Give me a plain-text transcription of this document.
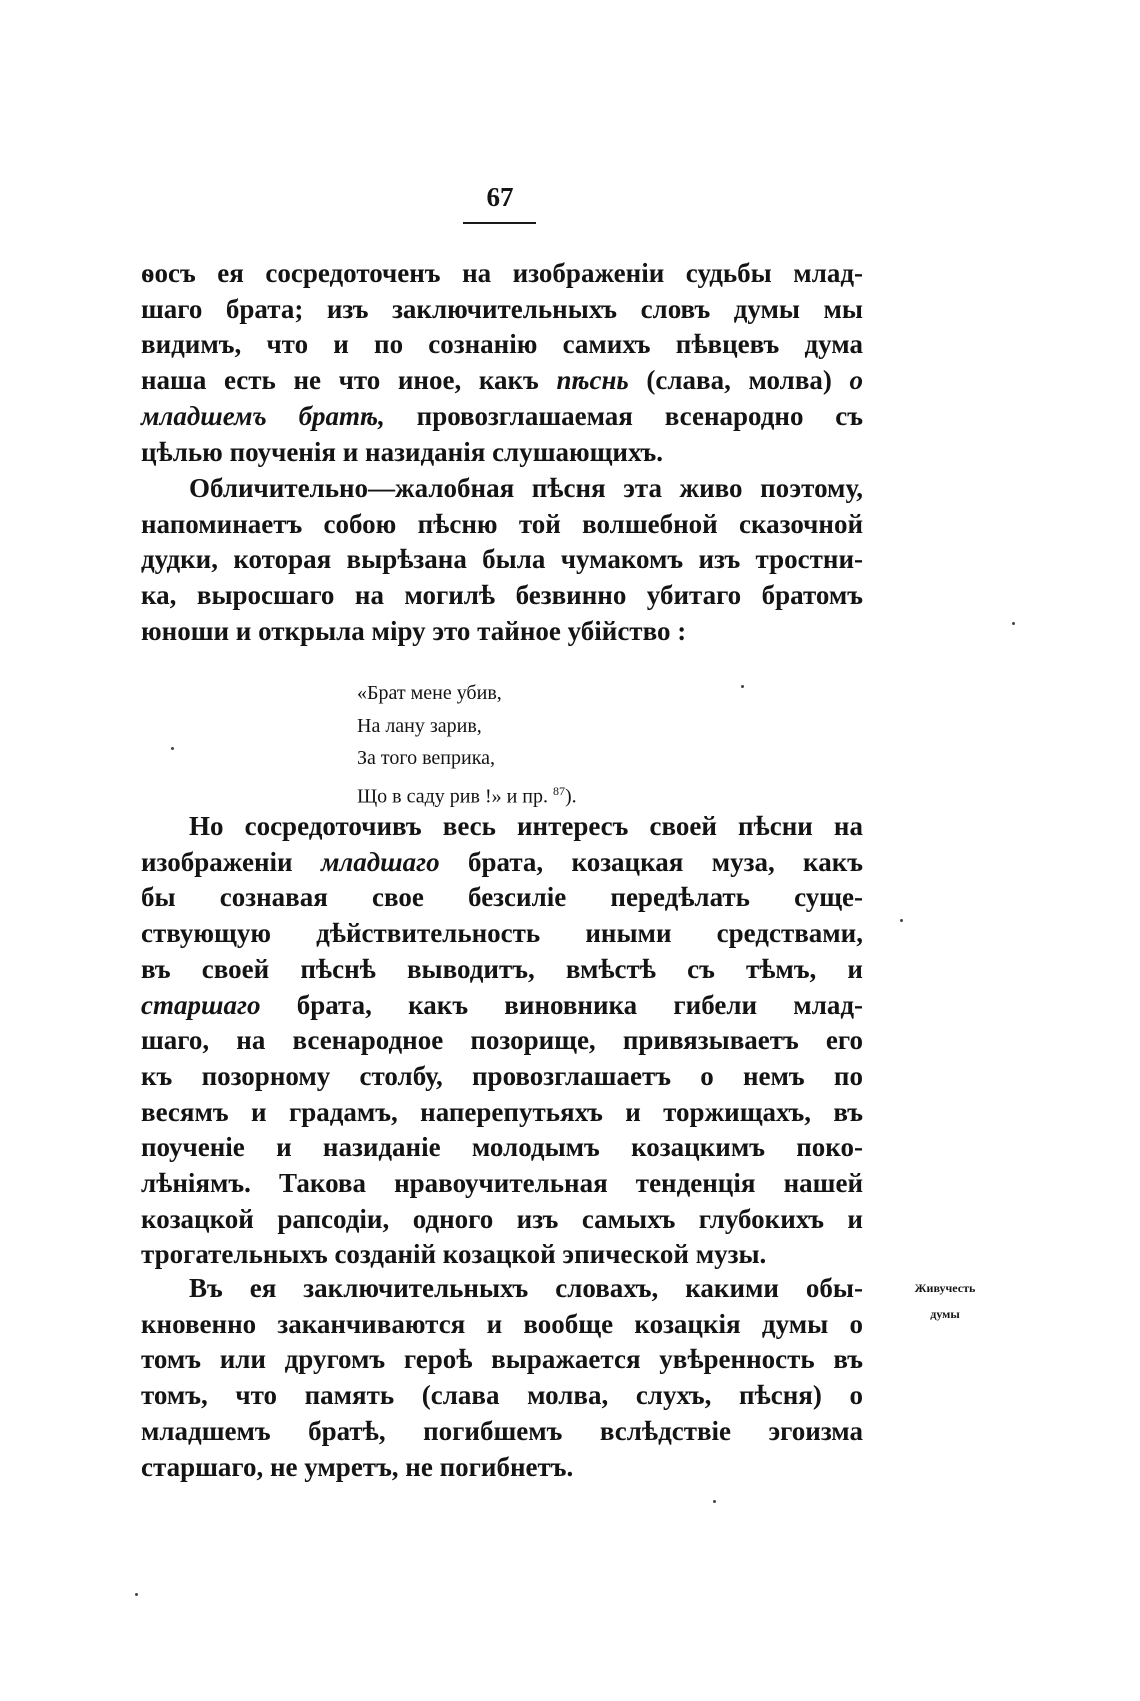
67
ѳосъ ея сосредоточенъ на изображеніи судьбы млад-
шаго брата; изъ заключительныхъ словъ думы мы
видимъ, что и по сознанію самихъ пѣвцевъ дума
наша есть не что иное, какъ пѣснь (слава, молва) о
младшемъ братѣ, провозглашаемая всенародно съ
цѣлью поученія и назиданія слушающихъ.
Обличительно—жалобная пѣсня эта живо поэтому,
напоминаетъ собою пѣсню той волшебной сказочной
дудки, которая вырѣзана была чумакомъ изъ тростни-
ка, выросшаго на могилѣ безвинно убитаго братомъ
юноши и открыла міру это тайное убійство :
«Брат мене убив,
На лану зарив,
За того веприка,
Що в саду рив !» и пр. $^{87}$).
Но сосредоточивъ весь интересъ своей пѣсни на
изображеніи младшаго брата, козацкая муза, какъ
бы сознавая свое безсиліе передѣлать суще-
ствующую дѣйствительность иными средствами,
въ своей пѣснѣ выводитъ, вмѣстѣ съ тѣмъ, и
старшаго брата, какъ виновника гибели млад-
шаго, на всенародное позорище, привязываетъ его
къ позорному столбу, провозглашаетъ о немъ по
весямъ и градамъ, наперепутьяхъ и торжищахъ, въ
поученіе и назиданіе молодымъ козацкимъ поко-
лѣніямъ. Такова нравоучительная тенденція нашей
козацкой рапсодіи, одного изъ самыхъ глубокихъ и
трогательныхъ созданій козацкой эпической музы.
Въ ея заключительныхъ словахъ, какими обы-
кновенно заканчиваются и вообще козацкія думы о
томъ или другомъ героѣ выражается увѣренность въ
томъ, что память (слава молва, слухъ, пѣсня) о
младшемъ братѣ, погибшемъ вслѣдствіе эгоизма
старшаго, не умретъ, не погибнетъ.
Живучесть
думы
